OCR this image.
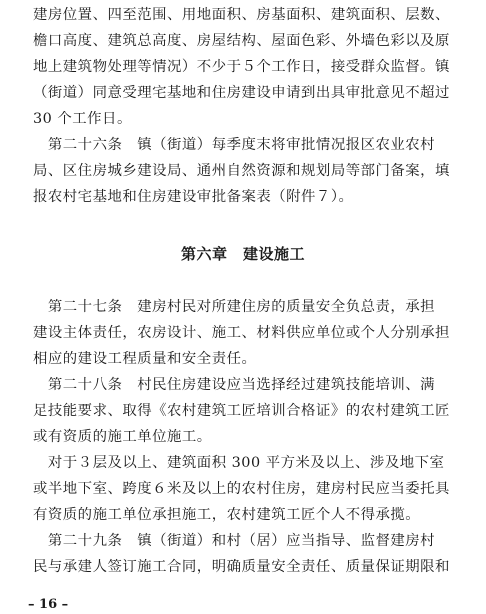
建房位置、四至范围、用地面积、房基面积、建筑面积、层数、
檐口高度、建筑总高度、房屋结构、屋面色彩、外墙色彩以及原
地上建筑物处理等情况）不少于５个工作日，接受群众监督。镇
（街道）同意受理宅基地和住房建设申请到出具审批意见不超过
30 个工作日。
　第二十六条　镇（街道）每季度末将审批情况报区农业农村
局、区住房城乡建设局、通州自然资源和规划局等部门备案，填
报农村宅基地和住房建设审批备案表（附件７）。
第六章　建设施工
　第二十七条　建房村民对所建住房的质量安全负总责，承担
建设主体责任，农房设计、施工、材料供应单位或个人分别承担
相应的建设工程质量和安全责任。
　第二十八条　村民住房建设应当选择经过建筑技能培训、满
足技能要求、取得《农村建筑工匠培训合格证》的农村建筑工匠
或有资质的施工单位施工。
　对于３层及以上、建筑面积 300 平方米及以上、涉及地下室
或半地下室、跨度６米及以上的农村住房，建房村民应当委托具
有资质的施工单位承担施工，农村建筑工匠个人不得承揽。
　第二十九条　镇（街道）和村（居）应当指导、监督建房村
民与承建人签订施工合同，明确质量安全责任、质量保证期限和
– 16 –
